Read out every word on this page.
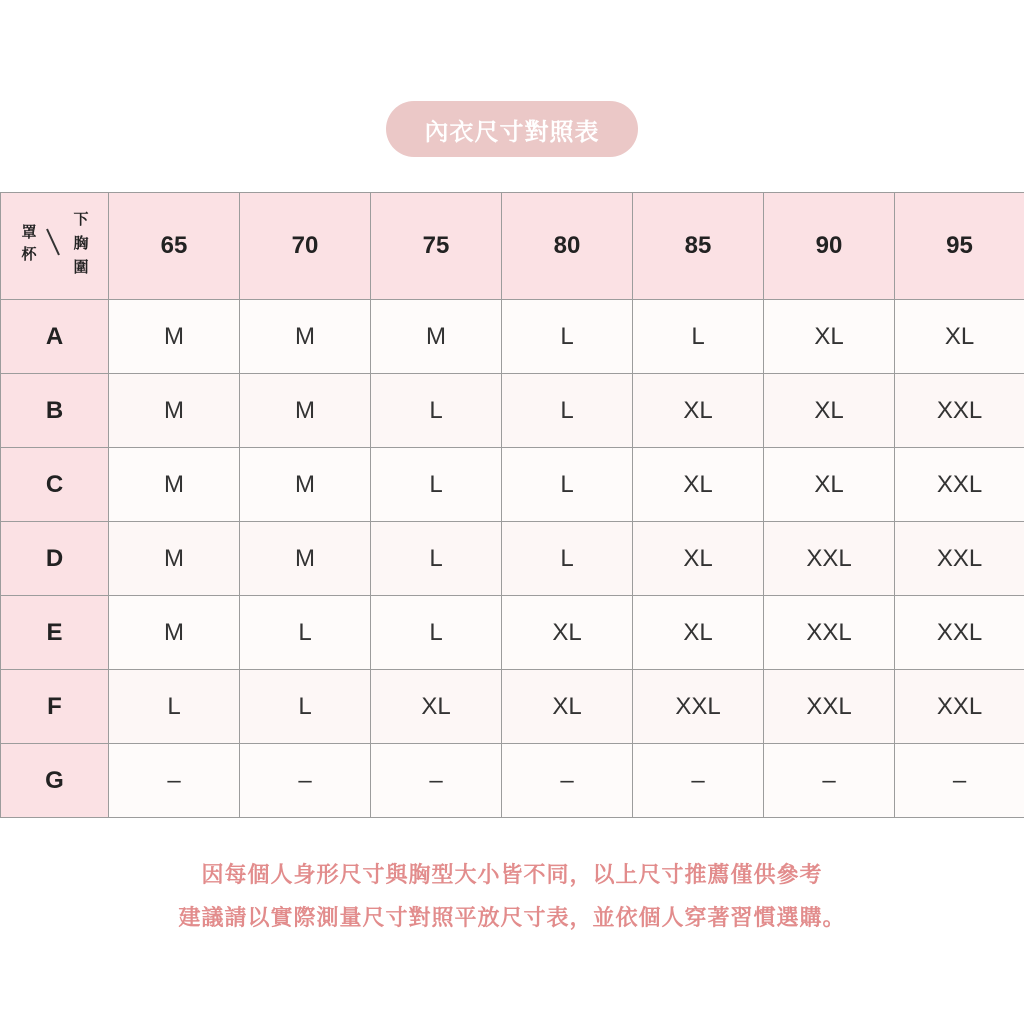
內衣尺寸對照表
罩杯
下胸圍	65	70	75	80	85	90	95
A	M	M	M	L	L	XL	XL
B	M	M	L	L	XL	XL	XXL
C	M	M	L	L	XL	XL	XXL
D	M	M	L	L	XL	XXL	XXL
E	M	L	L	XL	XL	XXL	XXL
F	L	L	XL	XL	XXL	XXL	XXL
G	–	–	–	–	–	–	–
因每個人身形尺寸與胸型大小皆不同，以上尺寸推薦僅供參考
建議請以實際測量尺寸對照平放尺寸表，並依個人穿著習慣選購。
